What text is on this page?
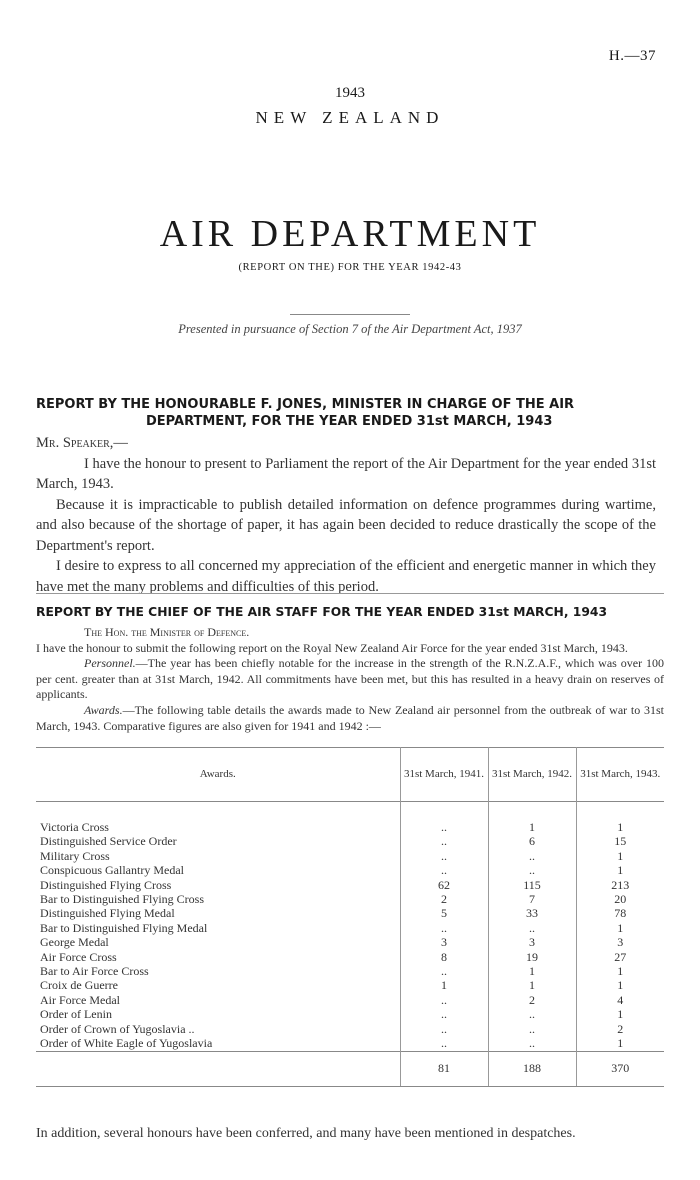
H.—37
1943
NEW ZEALAND
AIR DEPARTMENT
(REPORT ON THE) FOR THE YEAR 1942-43
Presented in pursuance of Section 7 of the Air Department Act, 1937
REPORT BY THE HONOURABLE F. JONES, MINISTER IN CHARGE OF THE AIR
DEPARTMENT, FOR THE YEAR ENDED 31st MARCH, 1943

Mr. Speaker,—

I have the honour to present to Parliament the report of the Air Department for the year ended 31st March, 1943.

Because it is impracticable to publish detailed information on defence programmes during wartime, and also because of the shortage of paper, it has again been decided to reduce drastically the scope of the Department's report.

I desire to express to all concerned my appreciation of the efficient and energetic manner in which they have met the many problems and difficulties of this period.

REPORT BY THE CHIEF OF THE AIR STAFF FOR THE YEAR ENDED 31st MARCH, 1943

The Hon. the Minister of Defence.

I have the honour to submit the following report on the Royal New Zealand Air Force for the year ended 31st March, 1943.

Personnel.—The year has been chiefly notable for the increase in the strength of the R.N.Z.A.F., which was over 100 per cent. greater than at 31st March, 1942. All commitments have been met, but this has resulted in a heavy drain on reserves of applicants.

Awards.—The following table details the awards made to New Zealand air personnel from the outbreak of war to 31st March, 1943. Comparative figures are also given for 1941 and 1942 :—

Awards.	31st March, 1941.	31st March, 1942.	31st March, 1943.

Victoria Cross	..	1	1
Distinguished Service Order	..	6	15
Military Cross	..	..	1
Conspicuous Gallantry Medal	..	..	1
Distinguished Flying Cross	62	115	213
Bar to Distinguished Flying Cross	2	7	20
Distinguished Flying Medal	5	33	78
Bar to Distinguished Flying Medal	..	..	1
George Medal	3	3	3
Air Force Cross	8	19	27
Bar to Air Force Cross	..	1	1
Croix de Guerre	1	1	1
Air Force Medal	..	2	4
Order of Lenin	..	..	1
Order of Crown of Yugoslavia ..	..	..	2
Order of White Eagle of Yugoslavia	..	..	1
	81	188	370
In addition, several honours have been conferred, and many have been mentioned in despatches.
